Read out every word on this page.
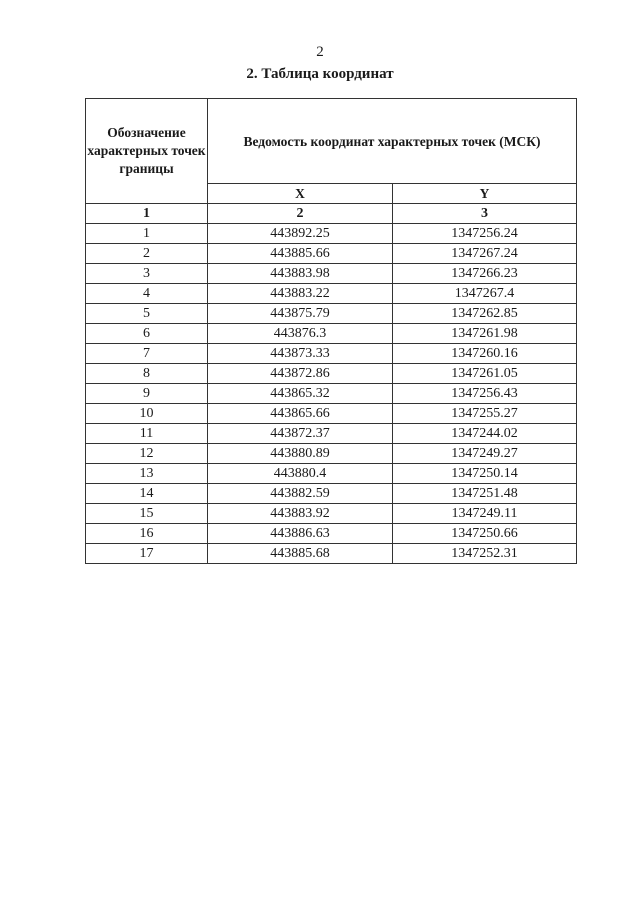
2
2. Таблица координат
Обозначение характерных точек границы	Ведомость координат характерных точек (МСК)	
	X	Y
1	2	3
1	443892.25	1347256.24
2	443885.66	1347267.24
3	443883.98	1347266.23
4	443883.22	1347267.4
5	443875.79	1347262.85
6	443876.3	1347261.98
7	443873.33	1347260.16
8	443872.86	1347261.05
9	443865.32	1347256.43
10	443865.66	1347255.27
11	443872.37	1347244.02
12	443880.89	1347249.27
13	443880.4	1347250.14
14	443882.59	1347251.48
15	443883.92	1347249.11
16	443886.63	1347250.66
17	443885.68	1347252.31
